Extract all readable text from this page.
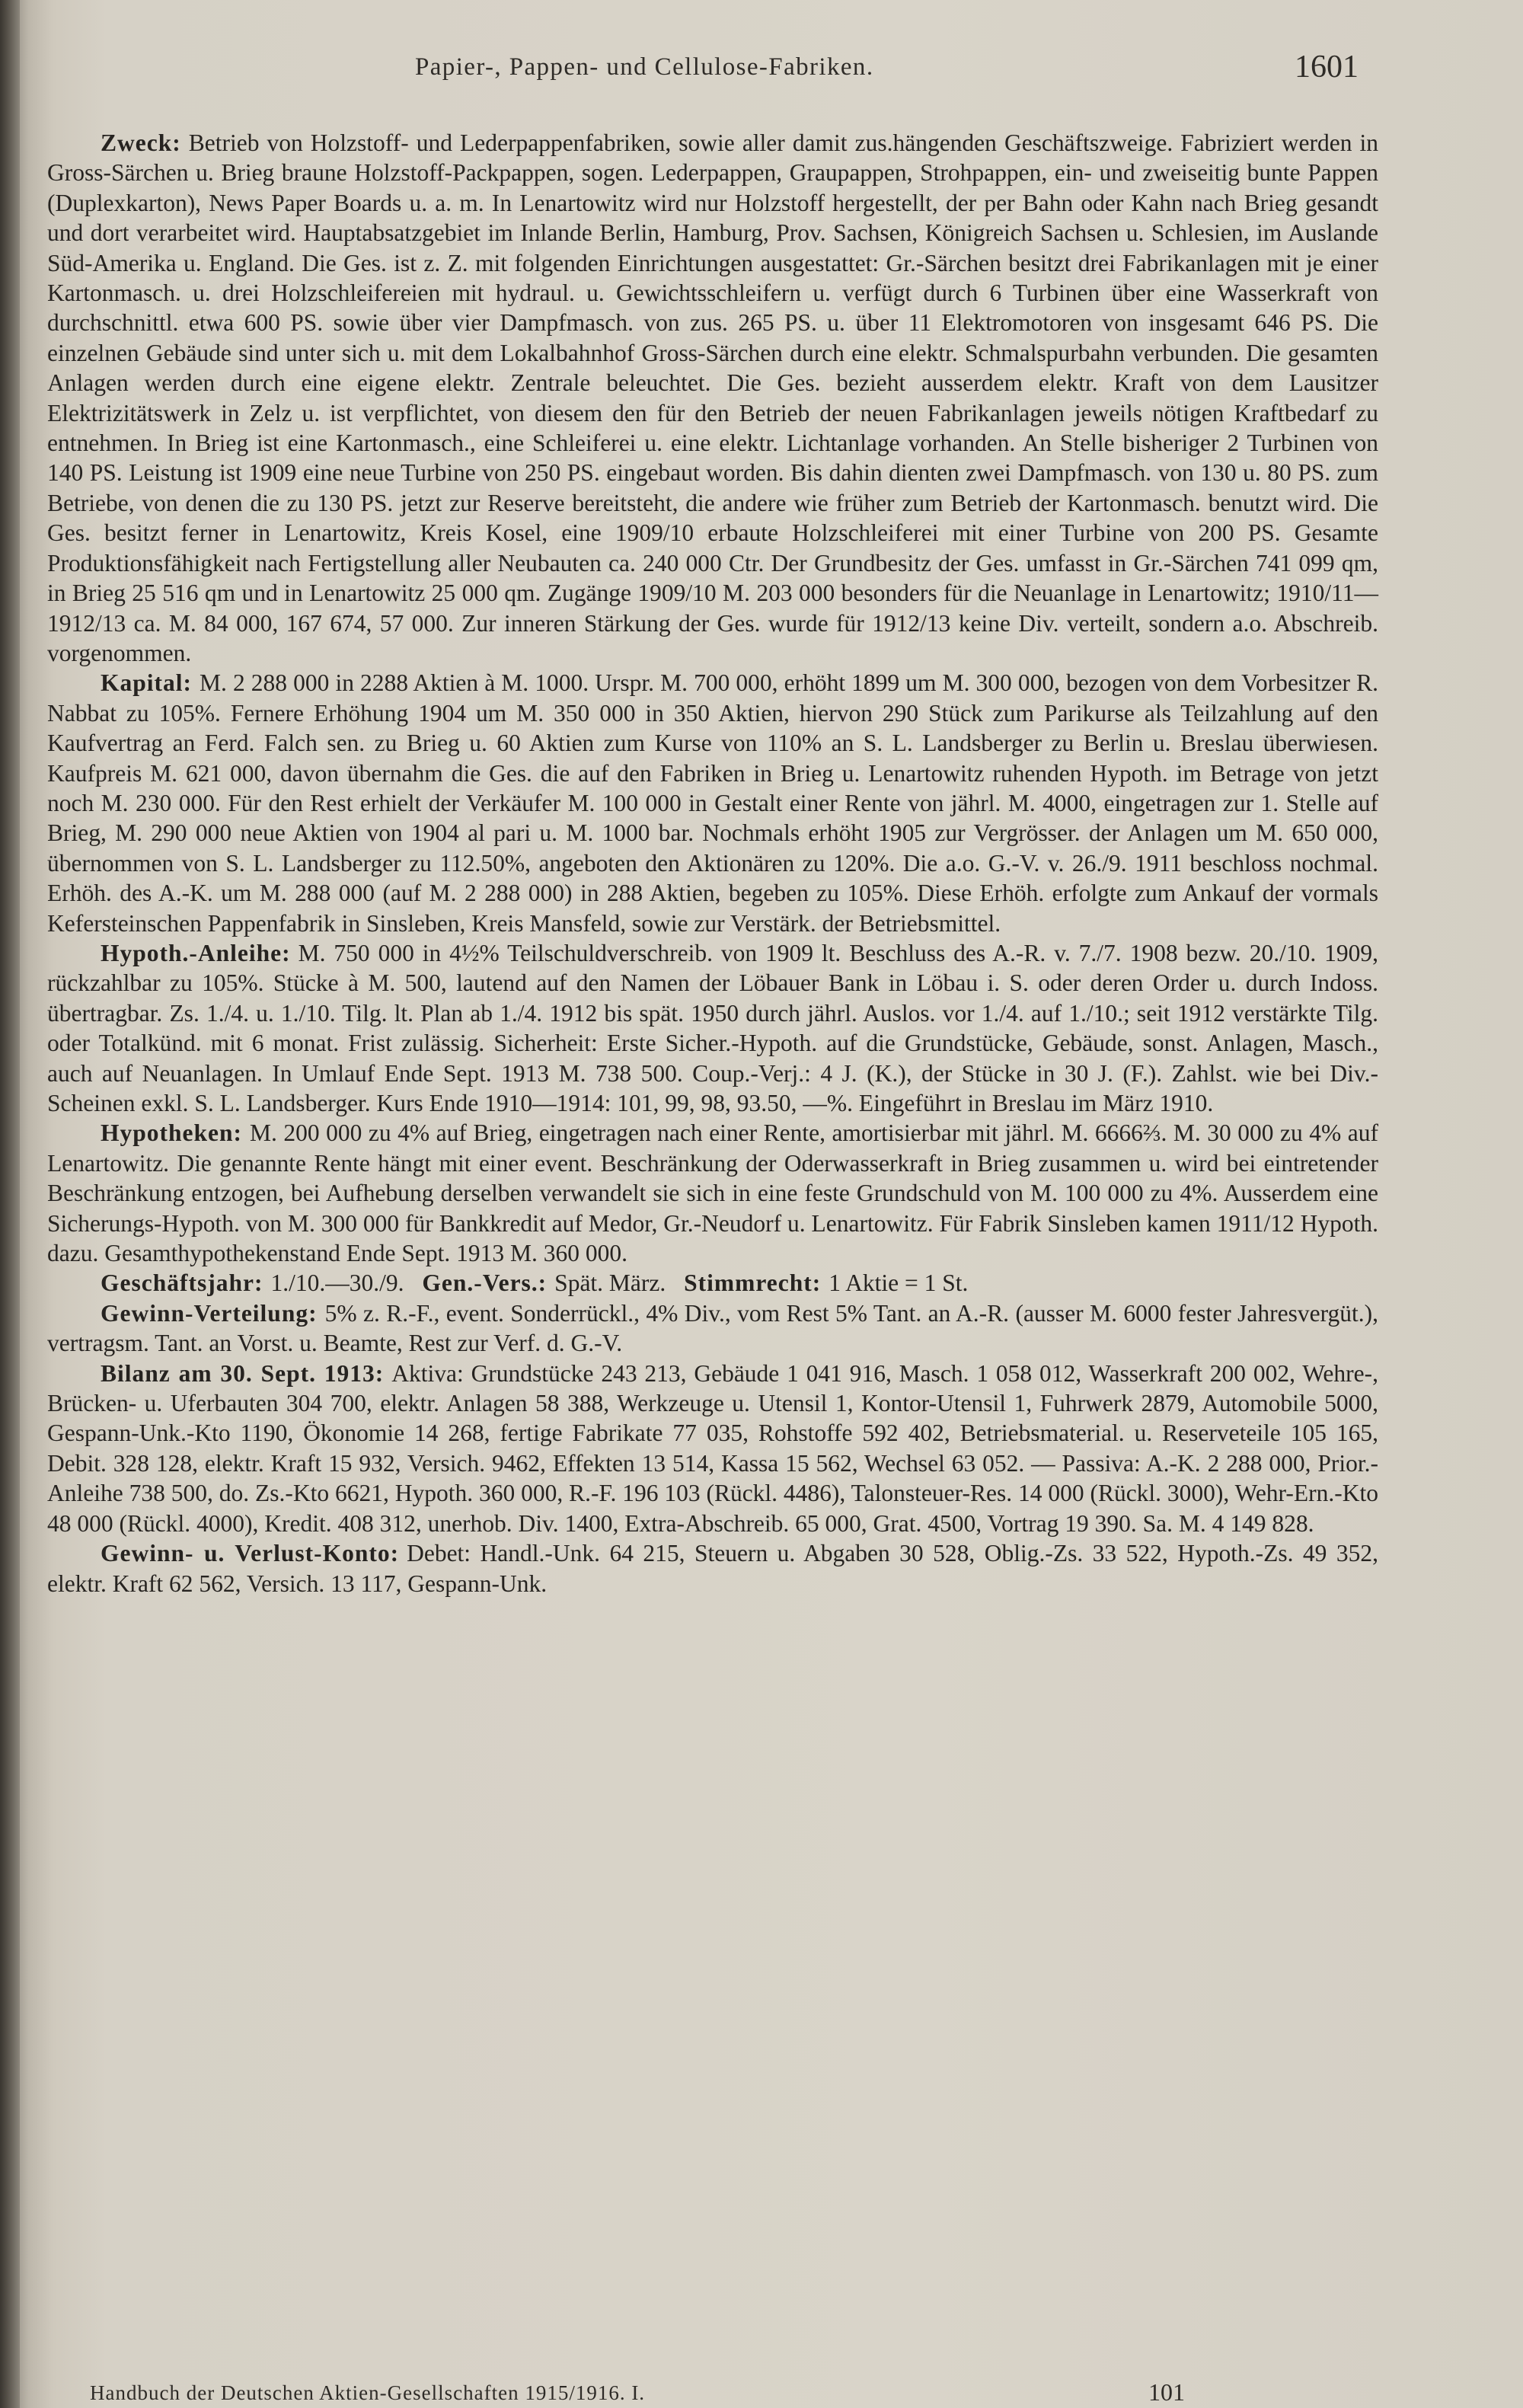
Papier-, Pappen- und Cellulose-Fabriken.	1601

Zweck: Betrieb von Holzstoff- und Lederpappenfabriken, sowie aller damit zus.hängenden Geschäftszweige. Fabriziert werden in Gross-Särchen u. Brieg braune Holzstoff-Packpappen, sogen. Lederpappen, Graupappen, Strohpappen, ein- und zweiseitig bunte Pappen (Duplexkarton), News Paper Boards u. a. m. In Lenartowitz wird nur Holzstoff hergestellt, der per Bahn oder Kahn nach Brieg gesandt und dort verarbeitet wird. Hauptabsatzgebiet im Inlande Berlin, Hamburg, Prov. Sachsen, Königreich Sachsen u. Schlesien, im Auslande Süd-Amerika u. England. Die Ges. ist z. Z. mit folgenden Einrichtungen ausgestattet: Gr.-Särchen besitzt drei Fabrikanlagen mit je einer Kartonmasch. u. drei Holzschleifereien mit hydraul. u. Gewichtsschleifern u. verfügt durch 6 Turbinen über eine Wasserkraft von durchschnittl. etwa 600 PS. sowie über vier Dampfmasch. von zus. 265 PS. u. über 11 Elektromotoren von insgesamt 646 PS. Die einzelnen Gebäude sind unter sich u. mit dem Lokalbahnhof Gross-Särchen durch eine elektr. Schmalspurbahn verbunden. Die gesamten Anlagen werden durch eine eigene elektr. Zentrale beleuchtet. Die Ges. bezieht ausserdem elektr. Kraft von dem Lausitzer Elektrizitätswerk in Zelz u. ist verpflichtet, von diesem den für den Betrieb der neuen Fabrikanlagen jeweils nötigen Kraftbedarf zu entnehmen. In Brieg ist eine Kartonmasch., eine Schleiferei u. eine elektr. Lichtanlage vorhanden. An Stelle bisheriger 2 Turbinen von 140 PS. Leistung ist 1909 eine neue Turbine von 250 PS. eingebaut worden. Bis dahin dienten zwei Dampfmasch. von 130 u. 80 PS. zum Betriebe, von denen die zu 130 PS. jetzt zur Reserve bereitsteht, die andere wie früher zum Betrieb der Kartonmasch. benutzt wird. Die Ges. besitzt ferner in Lenartowitz, Kreis Kosel, eine 1909/10 erbaute Holzschleiferei mit einer Turbine von 200 PS. Gesamte Produktionsfähigkeit nach Fertigstellung aller Neubauten ca. 240 000 Ctr. Der Grundbesitz der Ges. umfasst in Gr.-Särchen 741 099 qm, in Brieg 25 516 qm und in Lenartowitz 25 000 qm. Zugänge 1909/10 M. 203 000 besonders für die Neuanlage in Lenartowitz; 1910/11—1912/13 ca. M. 84 000, 167 674, 57 000. Zur inneren Stärkung der Ges. wurde für 1912/13 keine Div. verteilt, sondern a.o. Abschreib. vorgenommen.

Kapital: M. 2 288 000 in 2288 Aktien à M. 1000. Urspr. M. 700 000, erhöht 1899 um M. 300 000, bezogen von dem Vorbesitzer R. Nabbat zu 105%. Fernere Erhöhung 1904 um M. 350 000 in 350 Aktien, hiervon 290 Stück zum Parikurse als Teilzahlung auf den Kaufvertrag an Ferd. Falch sen. zu Brieg u. 60 Aktien zum Kurse von 110% an S. L. Landsberger zu Berlin u. Breslau überwiesen. Kaufpreis M. 621 000, davon übernahm die Ges. die auf den Fabriken in Brieg u. Lenartowitz ruhenden Hypoth. im Betrage von jetzt noch M. 230 000. Für den Rest erhielt der Verkäufer M. 100 000 in Gestalt einer Rente von jährl. M. 4000, eingetragen zur 1. Stelle auf Brieg, M. 290 000 neue Aktien von 1904 al pari u. M. 1000 bar. Nochmals erhöht 1905 zur Vergrösser. der Anlagen um M. 650 000, übernommen von S. L. Landsberger zu 112.50%, angeboten den Aktionären zu 120%. Die a.o. G.-V. v. 26./9. 1911 beschloss nochmal. Erhöh. des A.-K. um M. 288 000 (auf M. 2 288 000) in 288 Aktien, begeben zu 105%. Diese Erhöh. erfolgte zum Ankauf der vormals Kefersteinschen Pappenfabrik in Sinsleben, Kreis Mansfeld, sowie zur Verstärk. der Betriebsmittel.

Hypoth.-Anleihe: M. 750 000 in 4½% Teilschuldverschreib. von 1909 lt. Beschluss des A.-R. v. 7./7. 1908 bezw. 20./10. 1909, rückzahlbar zu 105%. Stücke à M. 500, lautend auf den Namen der Löbauer Bank in Löbau i. S. oder deren Order u. durch Indoss. übertragbar. Zs. 1./4. u. 1./10. Tilg. lt. Plan ab 1./4. 1912 bis spät. 1950 durch jährl. Auslos. vor 1./4. auf 1./10.; seit 1912 verstärkte Tilg. oder Totalkünd. mit 6 monat. Frist zulässig. Sicherheit: Erste Sicher.-Hypoth. auf die Grundstücke, Gebäude, sonst. Anlagen, Masch., auch auf Neuanlagen. In Umlauf Ende Sept. 1913 M. 738 500. Coup.-Verj.: 4 J. (K.), der Stücke in 30 J. (F.). Zahlst. wie bei Div.-Scheinen exkl. S. L. Landsberger. Kurs Ende 1910—1914: 101, 99, 98, 93.50, —%. Eingeführt in Breslau im März 1910.

Hypotheken: M. 200 000 zu 4% auf Brieg, eingetragen nach einer Rente, amortisierbar mit jährl. M. 6666⅔. M. 30 000 zu 4% auf Lenartowitz. Die genannte Rente hängt mit einer event. Beschränkung der Oderwasserkraft in Brieg zusammen u. wird bei eintretender Beschränkung entzogen, bei Aufhebung derselben verwandelt sie sich in eine feste Grundschuld von M. 100 000 zu 4%. Ausserdem eine Sicherungs-Hypoth. von M. 300 000 für Bankkredit auf Medor, Gr.-Neudorf u. Lenartowitz. Für Fabrik Sinsleben kamen 1911/12 Hypoth. dazu. Gesamthypothekenstand Ende Sept. 1913 M. 360 000.

Geschäftsjahr: 1./10.—30./9. Gen.-Vers.: Spät. März. Stimmrecht: 1 Aktie = 1 St.

Gewinn-Verteilung: 5% z. R.-F., event. Sonderrückl., 4% Div., vom Rest 5% Tant. an A.-R. (ausser M. 6000 fester Jahresvergüt.), vertragsm. Tant. an Vorst. u. Beamte, Rest zur Verf. d. G.-V.

Bilanz am 30. Sept. 1913: Aktiva: Grundstücke 243 213, Gebäude 1 041 916, Masch. 1 058 012, Wasserkraft 200 002, Wehre-, Brücken- u. Uferbauten 304 700, elektr. Anlagen 58 388, Werkzeuge u. Utensil 1, Kontor-Utensil 1, Fuhrwerk 2879, Automobile 5000, Gespann-Unk.-Kto 1190, Ökonomie 14 268, fertige Fabrikate 77 035, Rohstoffe 592 402, Betriebsmaterial. u. Reserveteile 105 165, Debit. 328 128, elektr. Kraft 15 932, Versich. 9462, Effekten 13 514, Kassa 15 562, Wechsel 63 052. — Passiva: A.-K. 2 288 000, Prior.-Anleihe 738 500, do. Zs.-Kto 6621, Hypoth. 360 000, R.-F. 196 103 (Rückl. 4486), Talonsteuer-Res. 14 000 (Rückl. 3000), Wehr-Ern.-Kto 48 000 (Rückl. 4000), Kredit. 408 312, unerhob. Div. 1400, Extra-Abschreib. 65 000, Grat. 4500, Vortrag 19 390. Sa. M. 4 149 828.

Gewinn- u. Verlust-Konto: Debet: Handl.-Unk. 64 215, Steuern u. Abgaben 30 528, Oblig.-Zs. 33 522, Hypoth.-Zs. 49 352, elektr. Kraft 62 562, Versich. 13 117, Gespann-Unk.

Handbuch der Deutschen Aktien-Gesellschaften 1915/1916. I.	101
